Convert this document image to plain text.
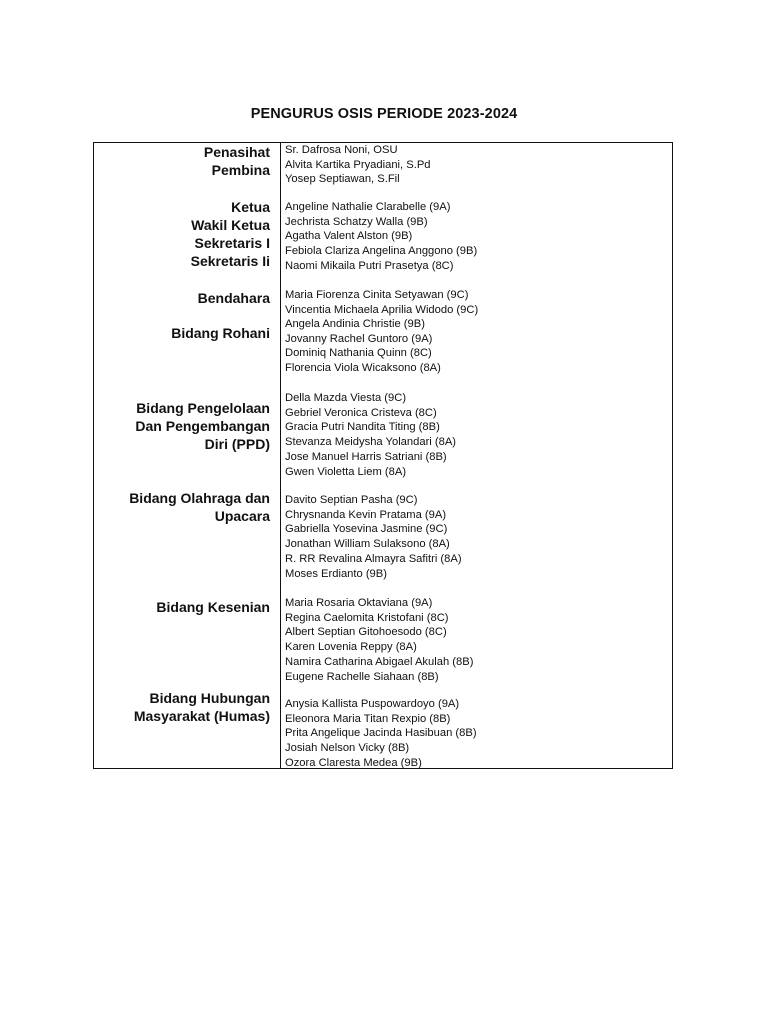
PENGURUS OSIS PERIODE 2023-2024
Penasihat
Pembina
Sr. Dafrosa Noni, OSU
Alvita Kartika Pryadiani, S.Pd
Yosep Septiawan, S.Fil
Ketua
Wakil Ketua
Sekretaris I
Sekretaris Ii
Angeline Nathalie Clarabelle (9A)
Jechrista Schatzy Walla (9B)
Agatha Valent Alston (9B)
Febiola Clariza Angelina Anggono (9B)
Naomi Mikaila Putri Prasetya (8C)
Bendahara Maria Fiorenza Cinita Setyawan (9C)
Vincentia Michaela Aprilia Widodo (9C)
Bidang Rohani
Angela Andinia Christie (9B)
Jovanny Rachel Guntoro (9A)
Dominiq Nathania Quinn (8C)
Florencia Viola Wicaksono (8A)
Bidang Pengelolaan
Dan Pengembangan
Diri (PPD)
Della Mazda Viesta (9C)
Gebriel Veronica Cristeva (8C)
Gracia Putri Nandita Titing (8B)
Stevanza Meidysha Yolandari (8A)
Jose Manuel Harris Satriani (8B)
Gwen Violetta Liem (8A)
Bidang Olahraga dan
Upacara
Davito Septian Pasha (9C)
Chrysnanda Kevin Pratama (9A)
Gabriella Yosevina Jasmine (9C)
Jonathan William Sulaksono (8A)
R. RR Revalina Almayra Safitri (8A)
Moses Erdianto (9B)
Bidang Kesenian Maria Rosaria Oktaviana (9A)
Regina Caelomita Kristofani (8C)
Albert Septian Gitohoesodo (8C)
Karen Lovenia Reppy (8A)
Namira Catharina Abigael Akulah (8B)
Eugene Rachelle Siahaan (8B)
Bidang Hubungan
Masyarakat (Humas)
Anysia Kallista Puspowardoyo (9A)
Eleonora Maria Titan Rexpio (8B)
Prita Angelique Jacinda Hasibuan (8B)
Josiah Nelson Vicky (8B)
Ozora Claresta Medea (9B)
